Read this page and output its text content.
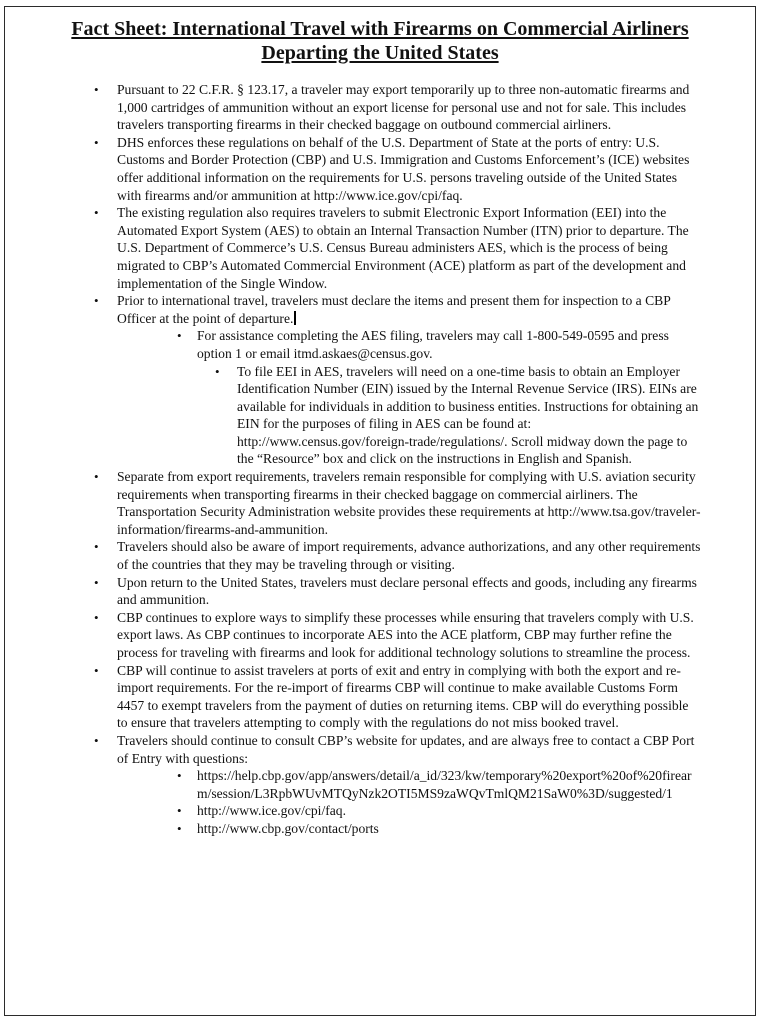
Fact Sheet: International Travel with Firearms on Commercial Airliners Departing the United States
• Pursuant to 22 C.F.R. § 123.17, a traveler may export temporarily up to three non-automatic firearms and 1,000 cartridges of ammunition without an export license for personal use and not for sale. This includes travelers transporting firearms in their checked baggage on outbound commercial airliners.
• DHS enforces these regulations on behalf of the U.S. Department of State at the ports of entry: U.S. Customs and Border Protection (CBP) and U.S. Immigration and Customs Enforcement’s (ICE) websites offer additional information on the requirements for U.S. persons traveling outside of the United States with firearms and/or ammunition at http://www.ice.gov/cpi/faq.
• The existing regulation also requires travelers to submit Electronic Export Information (EEI) into the Automated Export System (AES) to obtain an Internal Transaction Number (ITN) prior to departure. The U.S. Department of Commerce’s U.S. Census Bureau administers AES, which is the process of being migrated to CBP’s Automated Commercial Environment (ACE) platform as part of the development and implementation of the Single Window.
• Prior to international travel, travelers must declare the items and present them for inspection to a CBP Officer at the point of departure.
• For assistance completing the AES filing, travelers may call 1-800-549-0595 and press option 1 or email itmd.askaes@census.gov.
• To file EEI in AES, travelers will need on a one-time basis to obtain an Employer Identification Number (EIN) issued by the Internal Revenue Service (IRS). EINs are available for individuals in addition to business entities. Instructions for obtaining an EIN for the purposes of filing in AES can be found at: http://www.census.gov/foreign-trade/regulations/. Scroll midway down the page to the “Resource” box and click on the instructions in English and Spanish.
• Separate from export requirements, travelers remain responsible for complying with U.S. aviation security requirements when transporting firearms in their checked baggage on commercial airliners. The Transportation Security Administration website provides these requirements at http://www.tsa.gov/traveler-information/firearms-and-ammunition.
• Travelers should also be aware of import requirements, advance authorizations, and any other requirements of the countries that they may be traveling through or visiting.
• Upon return to the United States, travelers must declare personal effects and goods, including any firearms and ammunition.
• CBP continues to explore ways to simplify these processes while ensuring that travelers comply with U.S. export laws. As CBP continues to incorporate AES into the ACE platform, CBP may further refine the process for traveling with firearms and look for additional technology solutions to streamline the process.
• CBP will continue to assist travelers at ports of exit and entry in complying with both the export and re-import requirements. For the re-import of firearms CBP will continue to make available Customs Form 4457 to exempt travelers from the payment of duties on returning items. CBP will do everything possible to ensure that travelers attempting to comply with the regulations do not miss booked travel.
• Travelers should continue to consult CBP’s website for updates, and are always free to contact a CBP Port of Entry with questions:
• https://help.cbp.gov/app/answers/detail/a_id/323/kw/temporary%20export%20of%20firearm/session/L3RpbWUvMTQyNzk2OTI5MS9zaWQvTmlQM21SaW0%3D/suggested/1
• http://www.ice.gov/cpi/faq.
• http://www.cbp.gov/contact/ports
